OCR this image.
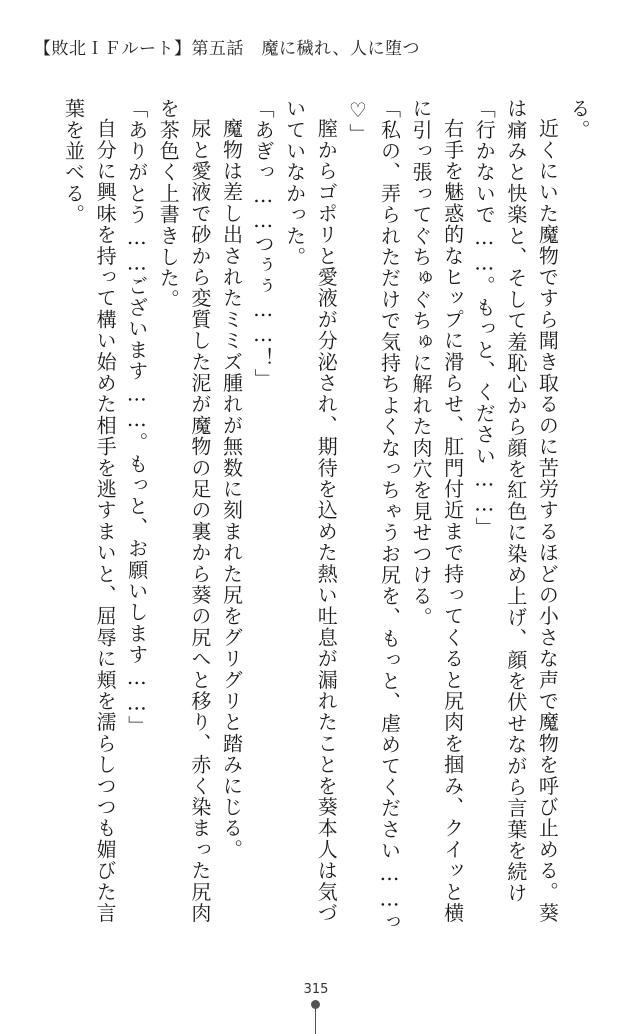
【敗北ＩＦルート】第五話　魔に穢れ、人に堕つ

る。

近くにいた魔物ですら聞き取るのに苦労するほどの小さな声で魔物を呼び止める。葵は痛みと快楽と、そして羞恥心から顔を紅色に染め上げ、顔を伏せながら言葉を続け

「行かないで……。もっと、ください……」

右手を魅惑的なヒップに滑らせ、肛門付近まで持ってくると尻肉を掴み、クイッと横に引っ張ってぐちゅぐちゅに解れた肉穴を見せつける。

「私の、弄られただけで気持ちよくなっちゃうお尻を、もっと、虐めてください……っ♡」

膣からゴポリと愛液が分泌され、期待を込めた熱い吐息が漏れたことを葵本人は気づいていなかった。

「あぎっ……つぅぅ……！」

魔物は差し出されたミミズ腫れが無数に刻まれた尻をグリグリと踏みにじる。

尿と愛液で砂から変質した泥が魔物の足の裏から葵の尻へと移り、赤く染まった尻肉を茶色く上書きした。

「ありがとう……ございます……。もっと、お願いします……」

自分に興味を持って構い始めた相手を逃すまいと、屈辱に頬を濡らしつつも媚びた言葉を並べる。

315
